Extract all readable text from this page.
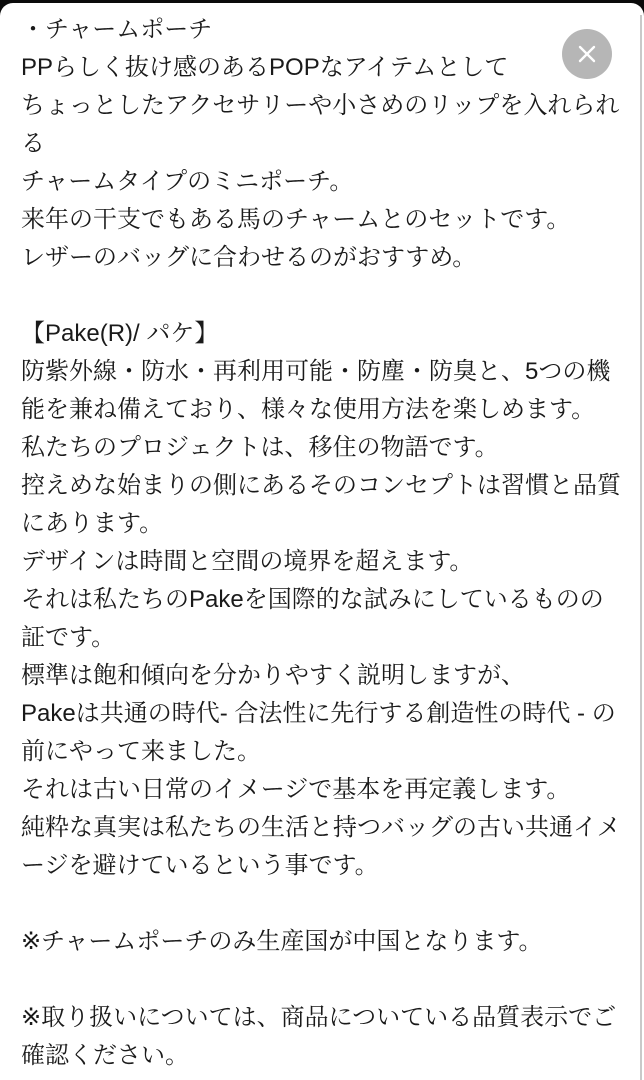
・チャームポーチ
PPらしく抜け感のあるPOPなアイテムとして
ちょっとしたアクセサリーや小さめのリップを入れられ
る
チャームタイプのミニポーチ。
来年の干支でもある馬のチャームとのセットです。
レザーのバッグに合わせるのがおすすめ。
【Pake(R)/ パケ】
防紫外線・防水・再利用可能・防塵・防臭と、5つの機
能を兼ね備えており、様々な使用方法を楽しめます。
私たちのプロジェクトは、移住の物語です。
控えめな始まりの側にあるそのコンセプトは習慣と品質
にあります。
デザインは時間と空間の境界を超えます。
それは私たちのPakeを国際的な試みにしているものの
証です。
標準は飽和傾向を分かりやすく説明しますが、
Pakeは共通の時代- 合法性に先行する創造性の時代 - の
前にやって来ました。
それは古い日常のイメージで基本を再定義します。
純粋な真実は私たちの生活と持つバッグの古い共通イメ
ージを避けているという事です。
※チャームポーチのみ生産国が中国となります。
※取り扱いについては、商品についている品質表示でご
確認ください。
